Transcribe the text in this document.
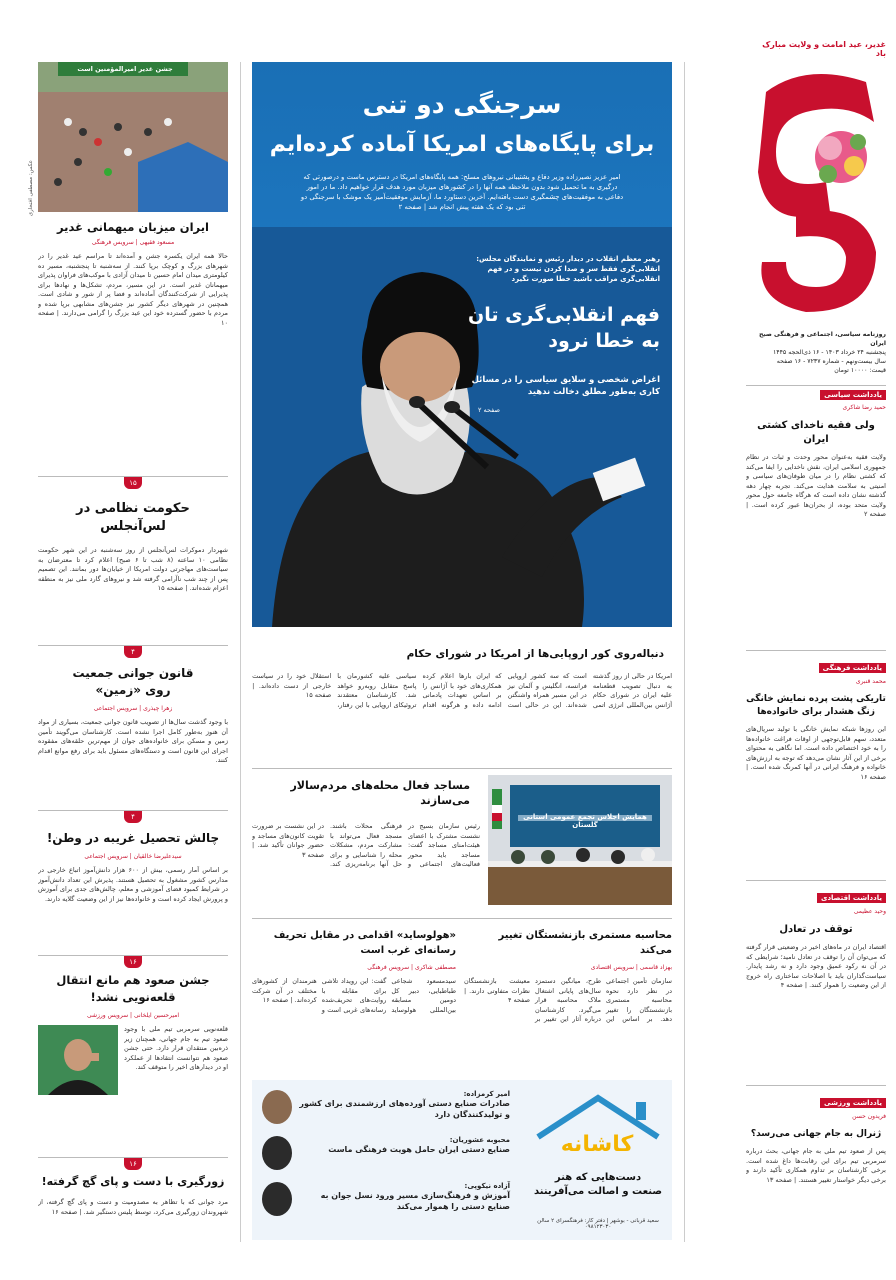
غدیر، عید امامت و ولایت مبارک باد
روزنامه سیاسی، اجتماعی و فرهنگی صبح ایران
پنجشنبه ۲۴ خرداد ۱۴۰۳ - ۱۶ ذی‌الحجه ۱۴۴۵
سال بیست‌ونهم - شماره ۷۲۳۷ - ۱۶ صفحه
قیمت: ۱۰۰۰۰ تومان
یادداشت سیاسی
حمید رضا شاکری
ولی فقیه ناخدای کشتی ایران
ولایت فقیه به‌عنوان محور وحدت و ثبات در نظام جمهوری اسلامی ایران، نقش ناخدایی را ایفا می‌کند که کشتی نظام را در میان طوفان‌های سیاسی و امنیتی به سلامت هدایت می‌کند. تجربه چهار دهه گذشته نشان داده است که هرگاه جامعه حول محور ولایت متحد بوده، از بحران‌ها عبور کرده است. | صفحه ۲
یادداشت فرهنگی
محمد قنبری
تاریکی پشت پرده نمایش خانگی زنگ هشدار برای خانواده‌ها
این روزها شبکه نمایش خانگی با تولید سریال‌های متعدد، سهم قابل‌توجهی از اوقات فراغت خانواده‌ها را به خود اختصاص داده است. اما نگاهی به محتوای برخی از این آثار نشان می‌دهد که توجه به ارزش‌های خانواده و فرهنگ ایرانی در آنها کمرنگ شده است. | صفحه ۱۶
یادداشت اقتصادی
وحید عظیمی
توقف در تعادل
اقتصاد ایران در ماه‌های اخیر در وضعیتی قرار گرفته که می‌توان آن را توقف در تعادل نامید؛ شرایطی که در آن نه رکود عمیق وجود دارد و نه رشد پایدار. سیاست‌گذاران باید با اصلاحات ساختاری راه خروج از این وضعیت را هموار کنند. | صفحه ۴
یادداشت ورزشی
فریدون حسن
ژنرال به جام جهانی می‌رسد؟
پس از صعود تیم ملی به جام جهانی، بحث درباره سرمربی تیم برای این رقابت‌ها داغ شده است. برخی کارشناسان بر تداوم همکاری تأکید دارند و برخی دیگر خواستار تغییر هستند. | صفحه ۱۳
سرجنگی دو تنی
برای پایگاه‌های امریکا آماده کرده‌ایم
امیر عزیز نصیرزاده وزیر دفاع و پشتیبانی نیروهای مسلح: همه پایگاه‌های امریکا در دسترس ماست و درصورتی که درگیری به ما تحمیل شود بدون ملاحظه همه آنها را در کشورهای میزبان مورد هدف قرار خواهیم داد. ما در امور دفاعی به موفقیت‌های چشمگیری دست یافته‌ایم. آخرین دستاورد ما، آزمایش موفقیت‌آمیز یک موشک با سرجنگی دو تنی بود که یک هفته پیش انجام شد | صفحه ۲
رهبر معظم انقلاب در دیدار رئیس و نمایندگان مجلس: انقلابی‌گری فقط سر و صدا کردن نیست و در فهم انقلابی‌گری مراقب باشید خطا صورت نگیرد
فهم انقلابی‌گری تان به خطا نرود
اغراض شخصی و سلایق سیاسی را در مسائل کاری به‌طور مطلق دخالت ندهید
صفحه ۲
دنباله‌روی کور اروپایی‌ها از امریکا در شورای حکام
امریکا در حالی از روز گذشته به دنبال تصویب قطعنامه علیه ایران در شورای حکام آژانس بین‌المللی انرژی اتمی است که سه کشور اروپایی فرانسه، انگلیس و آلمان نیز در این مسیر همراه واشنگتن شده‌اند. این در حالی است که ایران بارها اعلام کرده همکاری‌های خود با آژانس را بر اساس تعهدات پادمانی ادامه داده و هرگونه اقدام سیاسی علیه کشورمان با پاسخ متقابل روبه‌رو خواهد شد. کارشناسان معتقدند تروئیکای اروپایی با این رفتار، استقلال خود را در سیاست خارجی از دست داده‌اند. | صفحه ۱۵
مساجد فعال محله‌های مردم‌سالار می‌سازند
رئیس سازمان بسیج در نشست مشترک با اعضای هیئت‌امنای مساجد گفت: مساجد باید محور فعالیت‌های اجتماعی و فرهنگی محلات باشند. مسجد فعال می‌تواند با مشارکت مردم، مشکلات محله را شناسایی و برای حل آنها برنامه‌ریزی کند. در این نشست بر ضرورت تقویت کانون‌های مساجد و حضور جوانان تأکید شد. | صفحه ۳
همایش اجلاس تجمع عمومی استانی گلستان
محاسبه مستمری بازنشستگان تغییر می‌کند
بهزاد قاسمی | سرویس اقتصادی
سازمان تأمین اجتماعی در نظر دارد نحوه محاسبه مستمری بازنشستگان را تغییر دهد. بر اساس این طرح، میانگین دستمزد سال‌های پایانی اشتغال ملاک محاسبه قرار می‌گیرد. کارشناسان درباره آثار این تغییر بر معیشت بازنشستگان نظرات متفاوتی دارند. | صفحه ۴
«هولوساید» اقدامی در مقابل تحریف رسانه‌ای غرب است
مصطفی شاکری | سرویس فرهنگی
سیدمسعود شجاعی طباطبایی، دبیر کل دومین مسابقه بین‌المللی هولوساید گفت: این رویداد تلاشی برای مقابله با روایت‌های تحریف‌شده رسانه‌های غربی است و هنرمندان از کشورهای مختلف در آن شرکت کرده‌اند. | صفحه ۱۶
کاشانه
دست‌هایی که هنر
صنعت و اصالت می‌آفرینند
سعید قربانی - بوشهر | دفتر کار: فرهنگسرای ۲ سالن ۰۹۸۱۲۳۰۳۰
امیر کرمزاده:
صادرات صنایع دستی آورده‌های ارزشمندی برای کشور و تولیدکنندگان دارد
محبوبه عشوریان:
صنایع دستی ایران حامل هویت فرهنگی ماست
آزاده نیکوپی:
آموزش و فرهنگ‌سازی مسیر ورود نسل جوان به صنایع دستی را هموار می‌کند
جشن غدیر امیرالمؤمنین است
عکس: مصطفی افتخاری
ایران میزبان میهمانی غدیر
مسعود فقیهی | سرویس فرهنگی
حالا همه ایران یکسره جشن و آمده‌اند تا مراسم عید غدیر را در شهرهای بزرگ و کوچک برپا کنند. از سه‌شنبه تا پنجشنبه، مسیر ده کیلومتری میدان امام حسین تا میدان آزادی با موکب‌های فراوان پذیرای میهمانان غدیر است. در این مسیر، مردم، تشکل‌ها و نهادها برای پذیرایی از شرکت‌کنندگان آماده‌اند و فضا پر از شور و شادی است. همچنین در شهرهای دیگر کشور نیز جشن‌های مشابهی برپا شده و مردم با حضور گسترده خود این عید بزرگ را گرامی می‌دارند. | صفحه ۱۰
۱۵
حکومت نظامی در لس‌آنجلس
شهردار دموکرات لس‌آنجلس از روز سه‌شنبه در این شهر حکومت نظامی ۱۰ ساعته (۸ شب تا ۶ صبح) اعلام کرد تا معترضان به سیاست‌های مهاجرتی دولت امریکا از خیابان‌ها دور بمانند. این تصمیم پس از چند شب ناآرامی گرفته شد و نیروهای گارد ملی نیز به منطقه اعزام شده‌اند. | صفحه ۱۵
۴
قانون جوانی جمعیت روی «زمین»
زهرا چیذری | سرویس اجتماعی
با وجود گذشت سال‌ها از تصویب قانون جوانی جمعیت، بسیاری از مواد آن هنوز به‌طور کامل اجرا نشده است. کارشناسان می‌گویند تأمین زمین و مسکن برای خانواده‌های جوان از مهم‌ترین حلقه‌های مفقوده اجرای این قانون است و دستگاه‌های مسئول باید برای رفع موانع اقدام کنند.
۴
چالش تحصیل غریبه در وطن!
سیدعلیرضا خالقیان | سرویس اجتماعی
بر اساس آمار رسمی، بیش از ۶۰۰ هزار دانش‌آموز اتباع خارجی در مدارس کشور مشغول به تحصیل هستند. پذیرش این تعداد دانش‌آموز در شرایط کمبود فضای آموزشی و معلم، چالش‌های جدی برای آموزش و پرورش ایجاد کرده است و خانواده‌ها نیز از این وضعیت گلایه دارند.
۱۶
جشن صعود هم مانع انتقال قلعه‌نویی نشد!
امیرحسین ایلخانی | سرویس ورزشی
قلعه‌نویی سرمربی تیم ملی با وجود صعود تیم به جام جهانی، همچنان زیر ذره‌بین منتقدان قرار دارد. حتی جشن صعود هم نتوانست انتقادها از عملکرد او در دیدارهای اخیر را متوقف کند.
۱۶
زورگیری با دست و پای گچ گرفته!
مرد جوانی که با تظاهر به مصدومیت و دست و پای گچ گرفته، از شهروندان زورگیری می‌کرد، توسط پلیس دستگیر شد. | صفحه ۱۶
